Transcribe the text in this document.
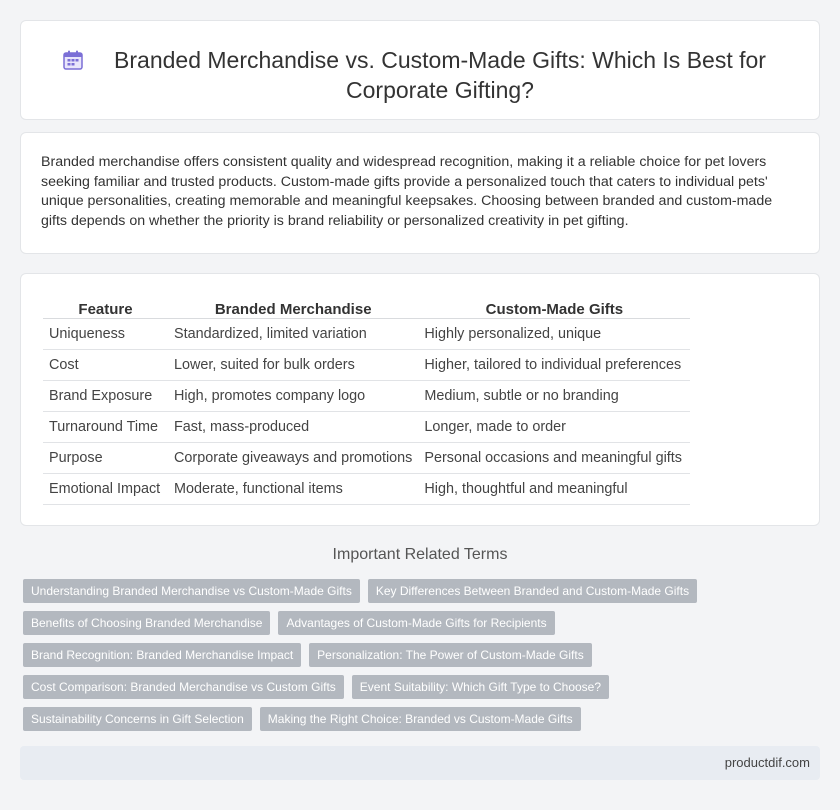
Branded Merchandise vs. Custom-Made Gifts: Which Is Best for Corporate Gifting?

Branded merchandise offers consistent quality and widespread recognition, making it a reliable choice for pet lovers seeking familiar and trusted products. Custom-made gifts provide a personalized touch that caters to individual pets' unique personalities, creating memorable and meaningful keepsakes. Choosing between branded and custom-made gifts depends on whether the priority is brand reliability or personalized creativity in pet gifting.

Feature	Branded Merchandise	Custom-Made Gifts
Uniqueness	Standardized, limited variation	Highly personalized, unique
Cost	Lower, suited for bulk orders	Higher, tailored to individual preferences
Brand Exposure	High, promotes company logo	Medium, subtle or no branding
Turnaround Time	Fast, mass-produced	Longer, made to order
Purpose	Corporate giveaways and promotions	Personal occasions and meaningful gifts
Emotional Impact	Moderate, functional items	High, thoughtful and meaningful
Important Related Terms
Understanding Branded Merchandise vs Custom-Made Gifts	Key Differences Between Branded and Custom-Made Gifts
Benefits of Choosing Branded Merchandise	Advantages of Custom-Made Gifts for Recipients
Brand Recognition: Branded Merchandise Impact	Personalization: The Power of Custom-Made Gifts
Cost Comparison: Branded Merchandise vs Custom Gifts	Event Suitability: Which Gift Type to Choose?
Sustainability Concerns in Gift Selection	Making the Right Choice: Branded vs Custom-Made Gifts
productdif.com
